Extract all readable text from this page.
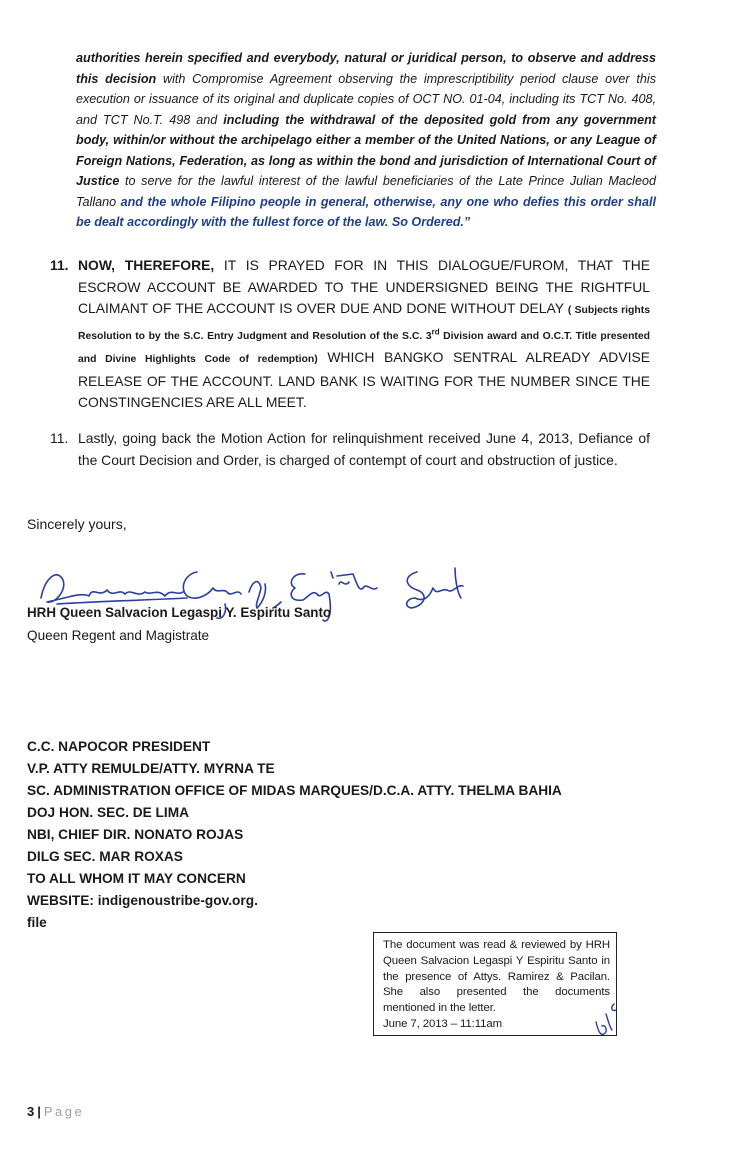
authorities herein specified and everybody, natural or juridical person, to observe and address this decision with Compromise Agreement observing the imprescriptibility period clause over this execution or issuance of its original and duplicate copies of OCT NO. 01-04, including its TCT No. 408, and TCT No.T. 498 and including the withdrawal of the deposited gold from any government body, within/or without the archipelago either a member of the United Nations, or any League of Foreign Nations, Federation, as long as within the bond and jurisdiction of International Court of Justice to serve for the lawful interest of the lawful beneficiaries of the Late Prince Julian Macleod Tallano and the whole Filipino people in general, otherwise, any one who defies this order shall be dealt accordingly with the fullest force of the law. So Ordered.”
11. NOW, THEREFORE, IT IS PRAYED FOR IN THIS DIALOGUE/FUROM, THAT THE ESCROW ACCOUNT BE AWARDED TO THE UNDERSIGNED BEING THE RIGHTFUL CLAIMANT OF THE ACCOUNT IS OVER DUE AND DONE WITHOUT DELAY ( Subjects rights Resolution to by the S.C. Entry Judgment and Resolution of the S.C. 3rd Division award and O.C.T. Title presented and Divine Highlights Code of redemption) WHICH BANGKO SENTRAL ALREADY ADVISE RELEASE OF THE ACCOUNT. LAND BANK IS WAITING FOR THE NUMBER SINCE THE CONSTINGENCIES ARE ALL MEET.
11. Lastly, going back the Motion Action for relinquishment received June 4, 2013, Defiance of the Court Decision and Order, is charged of contempt of court and obstruction of justice.
Sincerely yours,
HRH Queen Salvacion Legaspi Y. Espiritu Santo
Queen Regent and Magistrate
C.C. NAPOCOR PRESIDENT
V.P. ATTY REMULDE/ATTY. MYRNA TE
SC. ADMINISTRATION OFFICE OF MIDAS MARQUES/D.C.A. ATTY. THELMA BAHIA
DOJ HON. SEC. DE LIMA
NBI, CHIEF DIR. NONATO ROJAS
DILG SEC. MAR ROXAS
TO ALL WHOM IT MAY CONCERN
WEBSITE: indigenoustribe-gov.org.
file
The document was read & reviewed by HRH Queen Salvacion Legaspi Y Espiritu Santo in the presence of Attys. Ramirez & Pacilan. She also presented the documents mentioned in the letter.
June 7, 2013 – 11:11am
3 | Page
